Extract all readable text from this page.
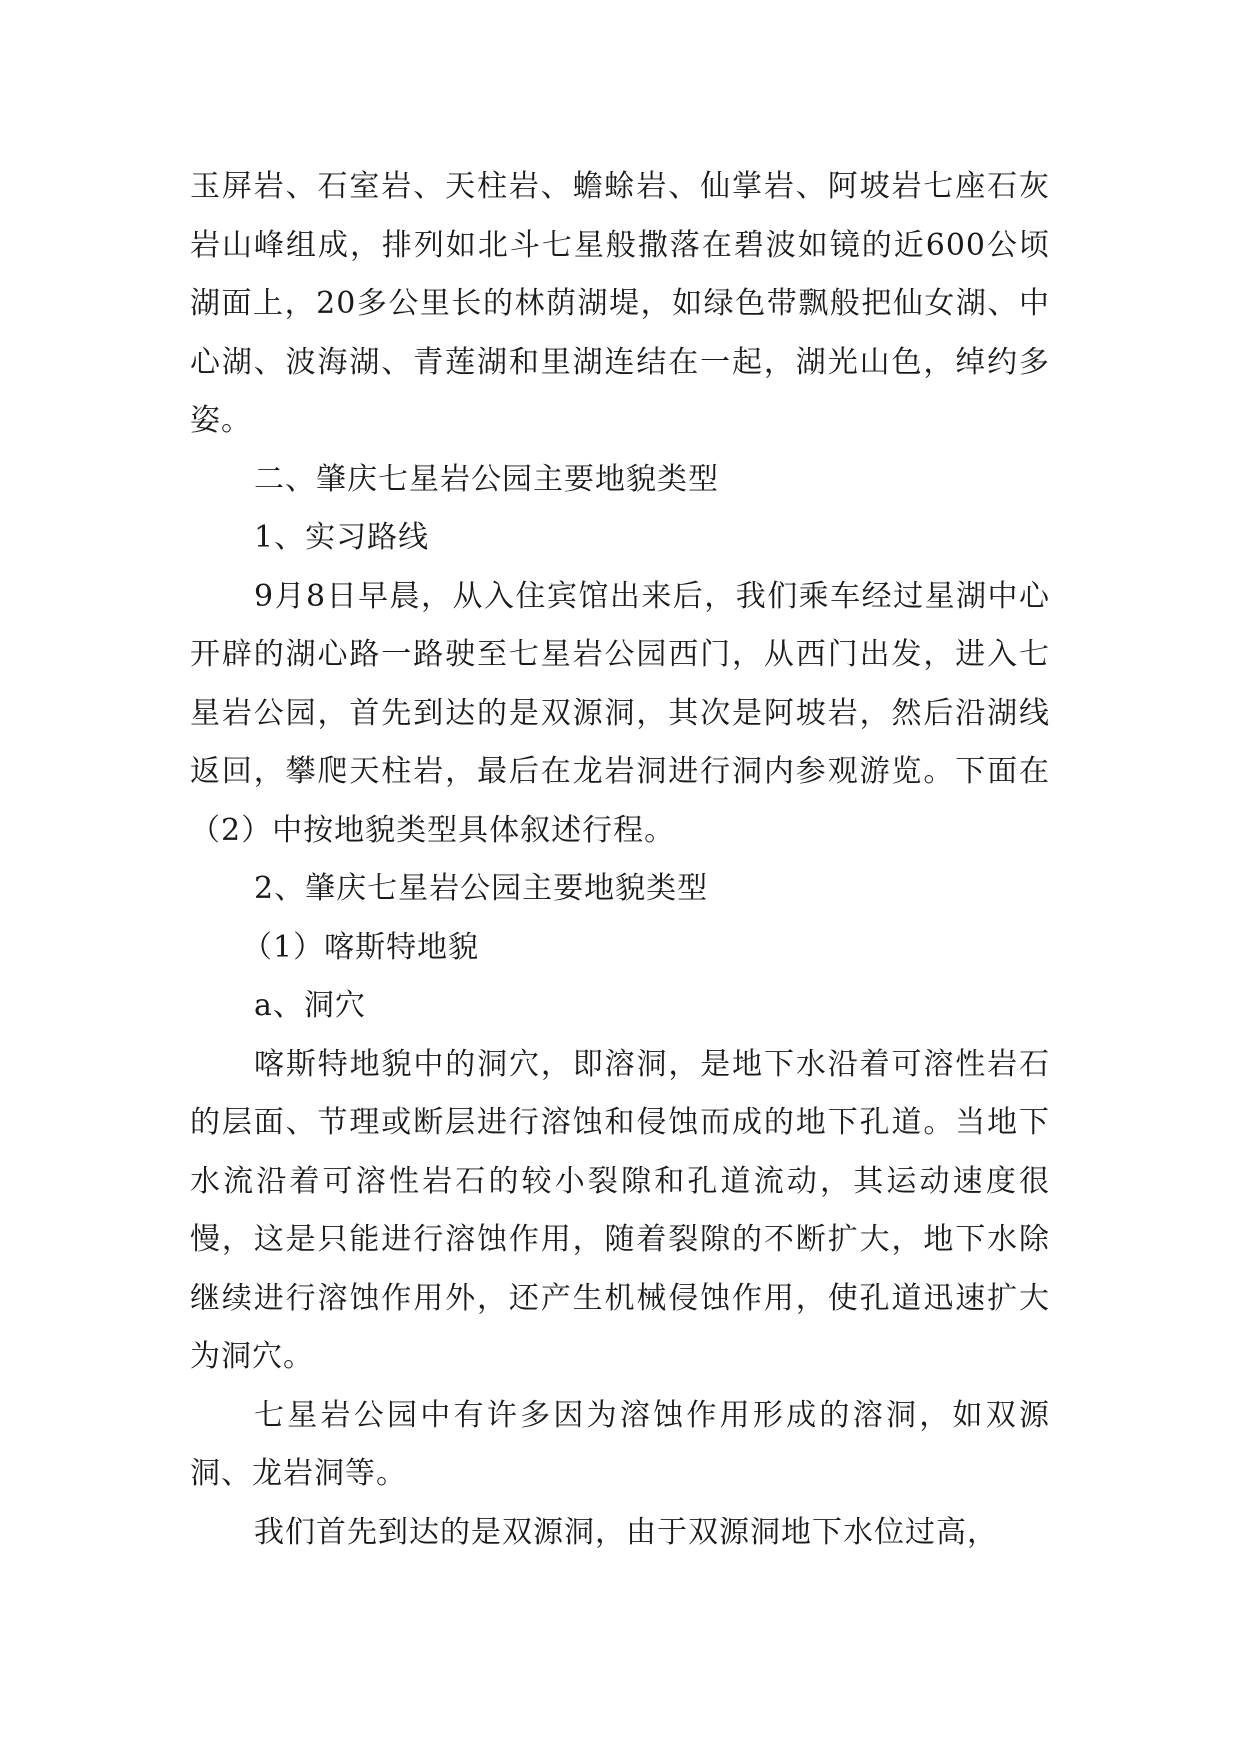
玉屏岩、石室岩、天柱岩、蟾蜍岩、仙掌岩、阿坡岩七座石灰岩山峰组成，排列如北斗七星般撒落在碧波如镜的近600公顷湖面上，20多公里长的林荫湖堤，如绿色带飘般把仙女湖、中心湖、波海湖、青莲湖和里湖连结在一起，湖光山色，绰约多姿。

二、肇庆七星岩公园主要地貌类型

1、实习路线

9月8日早晨，从入住宾馆出来后，我们乘车经过星湖中心开辟的湖心路一路驶至七星岩公园西门，从西门出发，进入七星岩公园，首先到达的是双源洞，其次是阿坡岩，然后沿湖线返回，攀爬天柱岩，最后在龙岩洞进行洞内参观游览。下面在（2）中按地貌类型具体叙述行程。

2、肇庆七星岩公园主要地貌类型

（1）喀斯特地貌

a、洞穴

喀斯特地貌中的洞穴，即溶洞，是地下水沿着可溶性岩石的层面、节理或断层进行溶蚀和侵蚀而成的地下孔道。当地下水流沿着可溶性岩石的较小裂隙和孔道流动，其运动速度很慢，这是只能进行溶蚀作用，随着裂隙的不断扩大，地下水除继续进行溶蚀作用外，还产生机械侵蚀作用，使孔道迅速扩大为洞穴。

七星岩公园中有许多因为溶蚀作用形成的溶洞，如双源洞、龙岩洞等。

我们首先到达的是双源洞，由于双源洞地下水位过高，
